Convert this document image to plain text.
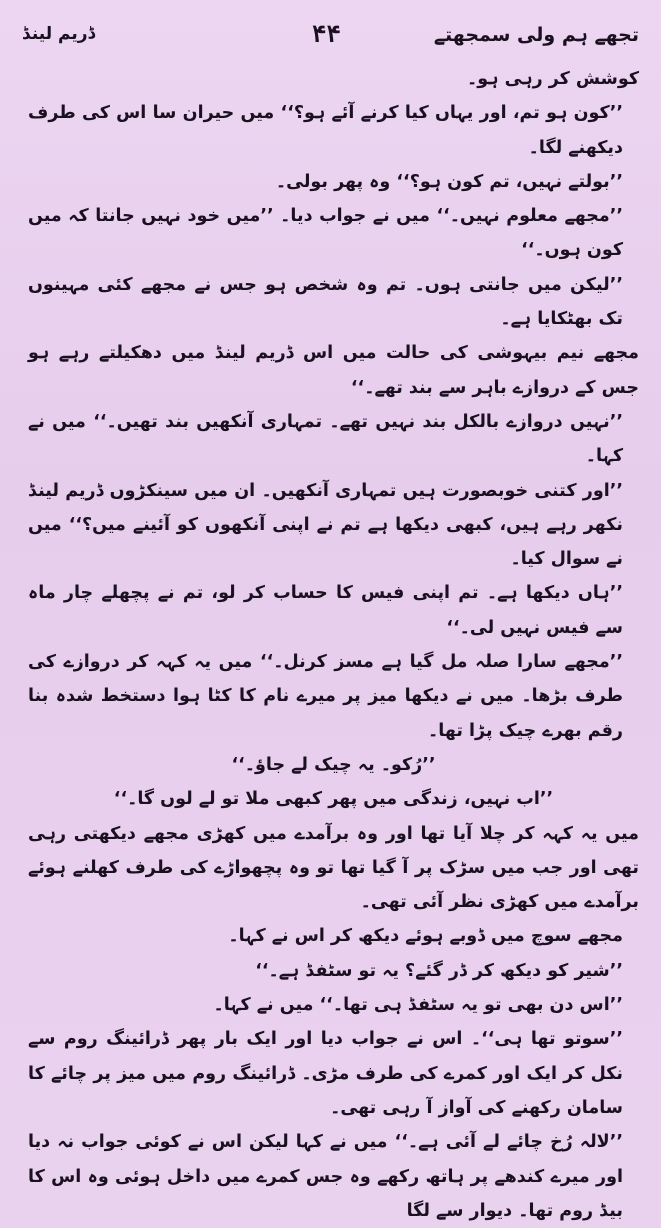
تجھے ہم ولی سمجھتے
۴۴
ڈریم لینڈ

کوشش کر رہی ہو۔

’’کون ہو تم، اور یہاں کیا کرنے آئے ہو؟‘‘ میں حیران سا اس کی طرف دیکھنے لگا۔

’’بولتے نہیں، تم کون ہو؟‘‘ وہ پھر بولی۔

’’مجھے معلوم نہیں۔‘‘ میں نے جواب دیا۔ ’’میں خود نہیں جانتا کہ میں کون ہوں۔‘‘

’’لیکن میں جانتی ہوں۔ تم وہ شخص ہو جس نے مجھے کئی مہینوں تک بھٹکایا ہے۔

مجھے نیم بیہوشی کی حالت میں اس ڈریم لینڈ میں دھکیلتے رہے ہو جس کے دروازے باہر سے بند تھے۔‘‘

’’نہیں دروازے بالکل بند نہیں تھے۔ تمہاری آنکھیں بند تھیں۔‘‘ میں نے کہا۔

’’اور کتنی خوبصورت ہیں تمہاری آنکھیں۔ ان میں سینکڑوں ڈریم لینڈ نکھر رہے ہیں، کبھی دیکھا ہے تم نے اپنی آنکھوں کو آئینے میں؟‘‘ میں نے سوال کیا۔

’’ہاں دیکھا ہے۔ تم اپنی فیس کا حساب کر لو، تم نے پچھلے چار ماہ سے فیس نہیں لی۔‘‘

’’مجھے سارا صلہ مل گیا ہے مسز کرنل۔‘‘ میں یہ کہہ کر دروازے کی طرف بڑھا۔ میں نے دیکھا میز پر میرے نام کا کٹا ہوا دستخط شدہ بنا رقم بھرے چیک پڑا تھا۔

’’رُکو۔ یہ چیک لے جاؤ۔‘‘

’’اب نہیں، زندگی میں پھر کبھی ملا تو لے لوں گا۔‘‘

میں یہ کہہ کر چلا آیا تھا اور وہ برآمدے میں کھڑی مجھے دیکھتی رہی تھی اور جب میں سڑک پر آ گیا تھا تو وہ پچھواڑے کی طرف کھلنے ہوئے برآمدے میں کھڑی نظر آئی تھی۔

مجھے سوچ میں ڈوبے ہوئے دیکھ کر اس نے کہا۔

’’شیر کو دیکھ کر ڈر گئے؟ یہ تو سٹفڈ ہے۔‘‘

’’اس دن بھی تو یہ سٹفڈ ہی تھا۔‘‘ میں نے کہا۔

’’سوتو تھا ہی‘‘۔ اس نے جواب دیا اور ایک بار پھر ڈرائینگ روم سے نکل کر ایک اور کمرے کی طرف مڑی۔ ڈرائینگ روم میں میز پر چائے کا سامان رکھنے کی آواز آ رہی تھی۔

’’لالہ رُخ چائے لے آئی ہے۔‘‘ میں نے کہا لیکن اس نے کوئی جواب نہ دیا اور میرے کندھے پر ہاتھ رکھے وہ جس کمرے میں داخل ہوئی وہ اس کا بیڈ روم تھا۔ دیوار سے لگا
